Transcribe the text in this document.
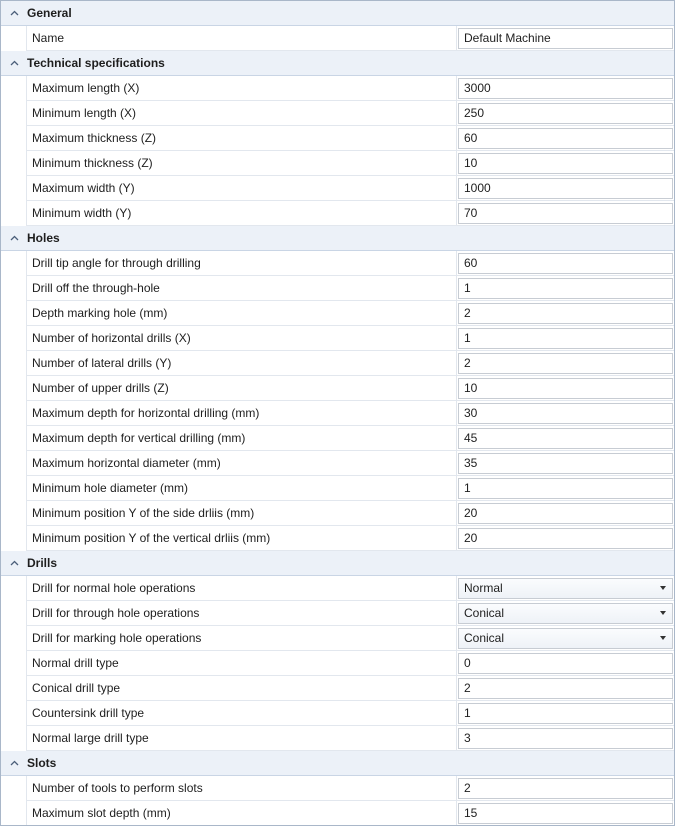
General
Name	Default Machine
Technical specifications
Maximum length (X)	3000
Minimum length (X)	250
Maximum thickness (Z)	60
Minimum thickness (Z)	10
Maximum width (Y)	1000
Minimum width (Y)	70
Holes
Drill tip angle for through drilling	60
Drill off the through-hole	1
Depth marking hole (mm)	2
Number of horizontal drills (X)	1
Number of lateral drills (Y)	2
Number of upper drills (Z)	10
Maximum depth for horizontal drilling (mm)	30
Maximum depth for vertical drilling (mm)	45
Maximum horizontal diameter (mm)	35
Minimum hole diameter (mm)	1
Minimum position Y of the side drliis (mm)	20
Minimum position Y of the vertical drliis (mm)	20
Drills
Drill for normal hole operations	Normal
Drill for through hole operations	Conical
Drill for marking hole operations	Conical
Normal drill type	0
Conical drill type	2
Countersink drill type	1
Normal large drill type	3
Slots
Number of tools to perform slots	2
Maximum slot depth (mm)	15
